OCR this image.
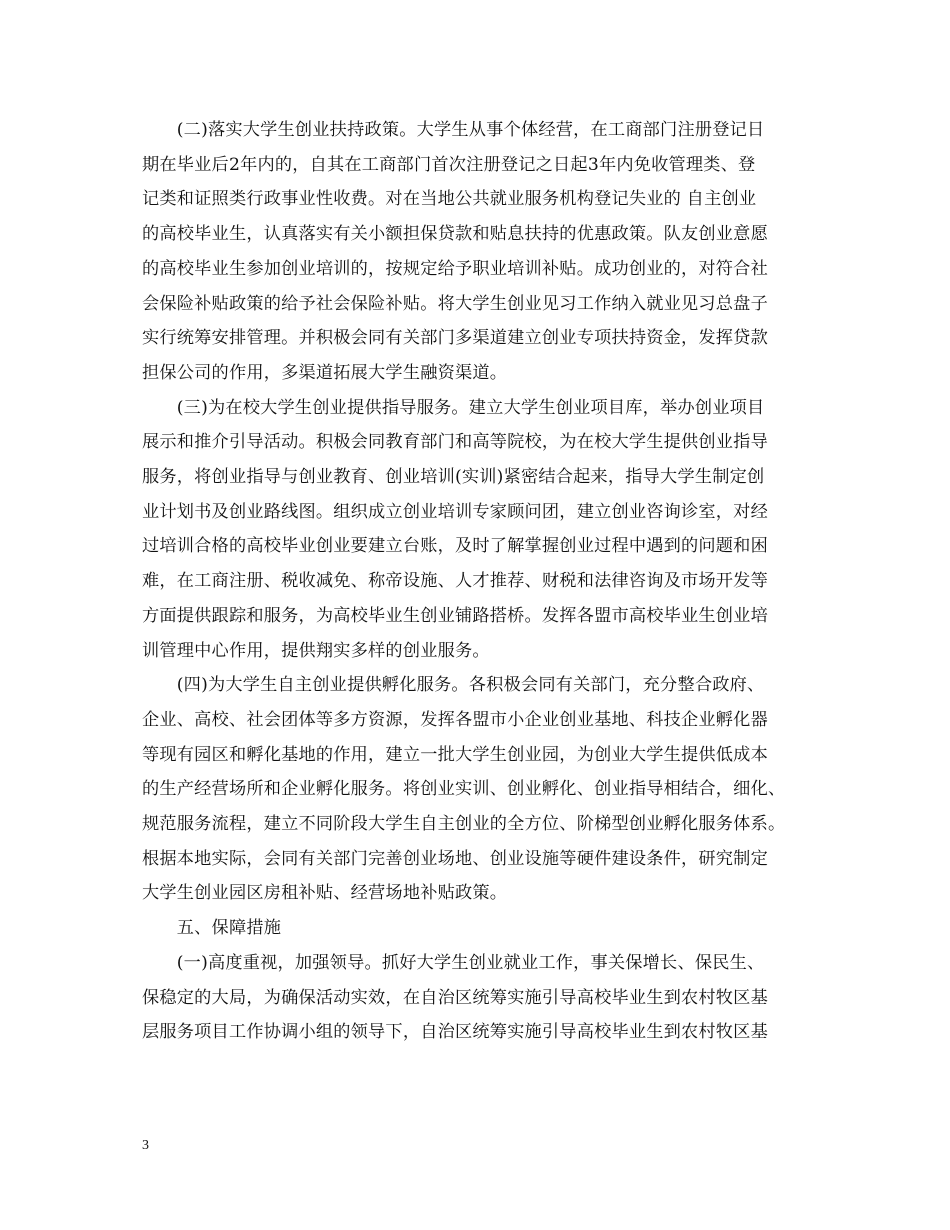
　　(二)落实大学生创业扶持政策。大学生从事个体经营，在工商部门注册登记日
期在毕业后2年内的，自其在工商部门首次注册登记之日起3年内免收管理类、登
记类和证照类行政事业性收费。对在当地公共就业服务机构登记失业的 自主创业
的高校毕业生，认真落实有关小额担保贷款和贴息扶持的优惠政策。队友创业意愿
的高校毕业生参加创业培训的，按规定给予职业培训补贴。成功创业的，对符合社
会保险补贴政策的给予社会保险补贴。将大学生创业见习工作纳入就业见习总盘子
实行统筹安排管理。并积极会同有关部门多渠道建立创业专项扶持资金，发挥贷款
担保公司的作用，多渠道拓展大学生融资渠道。

　　(三)为在校大学生创业提供指导服务。建立大学生创业项目库，举办创业项目
展示和推介引导活动。积极会同教育部门和高等院校，为在校大学生提供创业指导
服务，将创业指导与创业教育、创业培训(实训)紧密结合起来，指导大学生制定创
业计划书及创业路线图。组织成立创业培训专家顾问团，建立创业咨询诊室，对经
过培训合格的高校毕业创业要建立台账，及时了解掌握创业过程中遇到的问题和困
难，在工商注册、税收减免、称帝设施、人才推荐、财税和法律咨询及市场开发等
方面提供跟踪和服务，为高校毕业生创业铺路搭桥。发挥各盟市高校毕业生创业培
训管理中心作用，提供翔实多样的创业服务。

　　(四)为大学生自主创业提供孵化服务。各积极会同有关部门，充分整合政府、
企业、高校、社会团体等多方资源，发挥各盟市小企业创业基地、科技企业孵化器
等现有园区和孵化基地的作用，建立一批大学生创业园，为创业大学生提供低成本
的生产经营场所和企业孵化服务。将创业实训、创业孵化、创业指导相结合，细化、
规范服务流程，建立不同阶段大学生自主创业的全方位、阶梯型创业孵化服务体系。
根据本地实际，会同有关部门完善创业场地、创业设施等硬件建设条件，研究制定
大学生创业园区房租补贴、经营场地补贴政策。

　　五、保障措施

　　(一)高度重视，加强领导。抓好大学生创业就业工作，事关保增长、保民生、
保稳定的大局，为确保活动实效，在自治区统筹实施引导高校毕业生到农村牧区基
层服务项目工作协调小组的领导下，自治区统筹实施引导高校毕业生到农村牧区基

3
